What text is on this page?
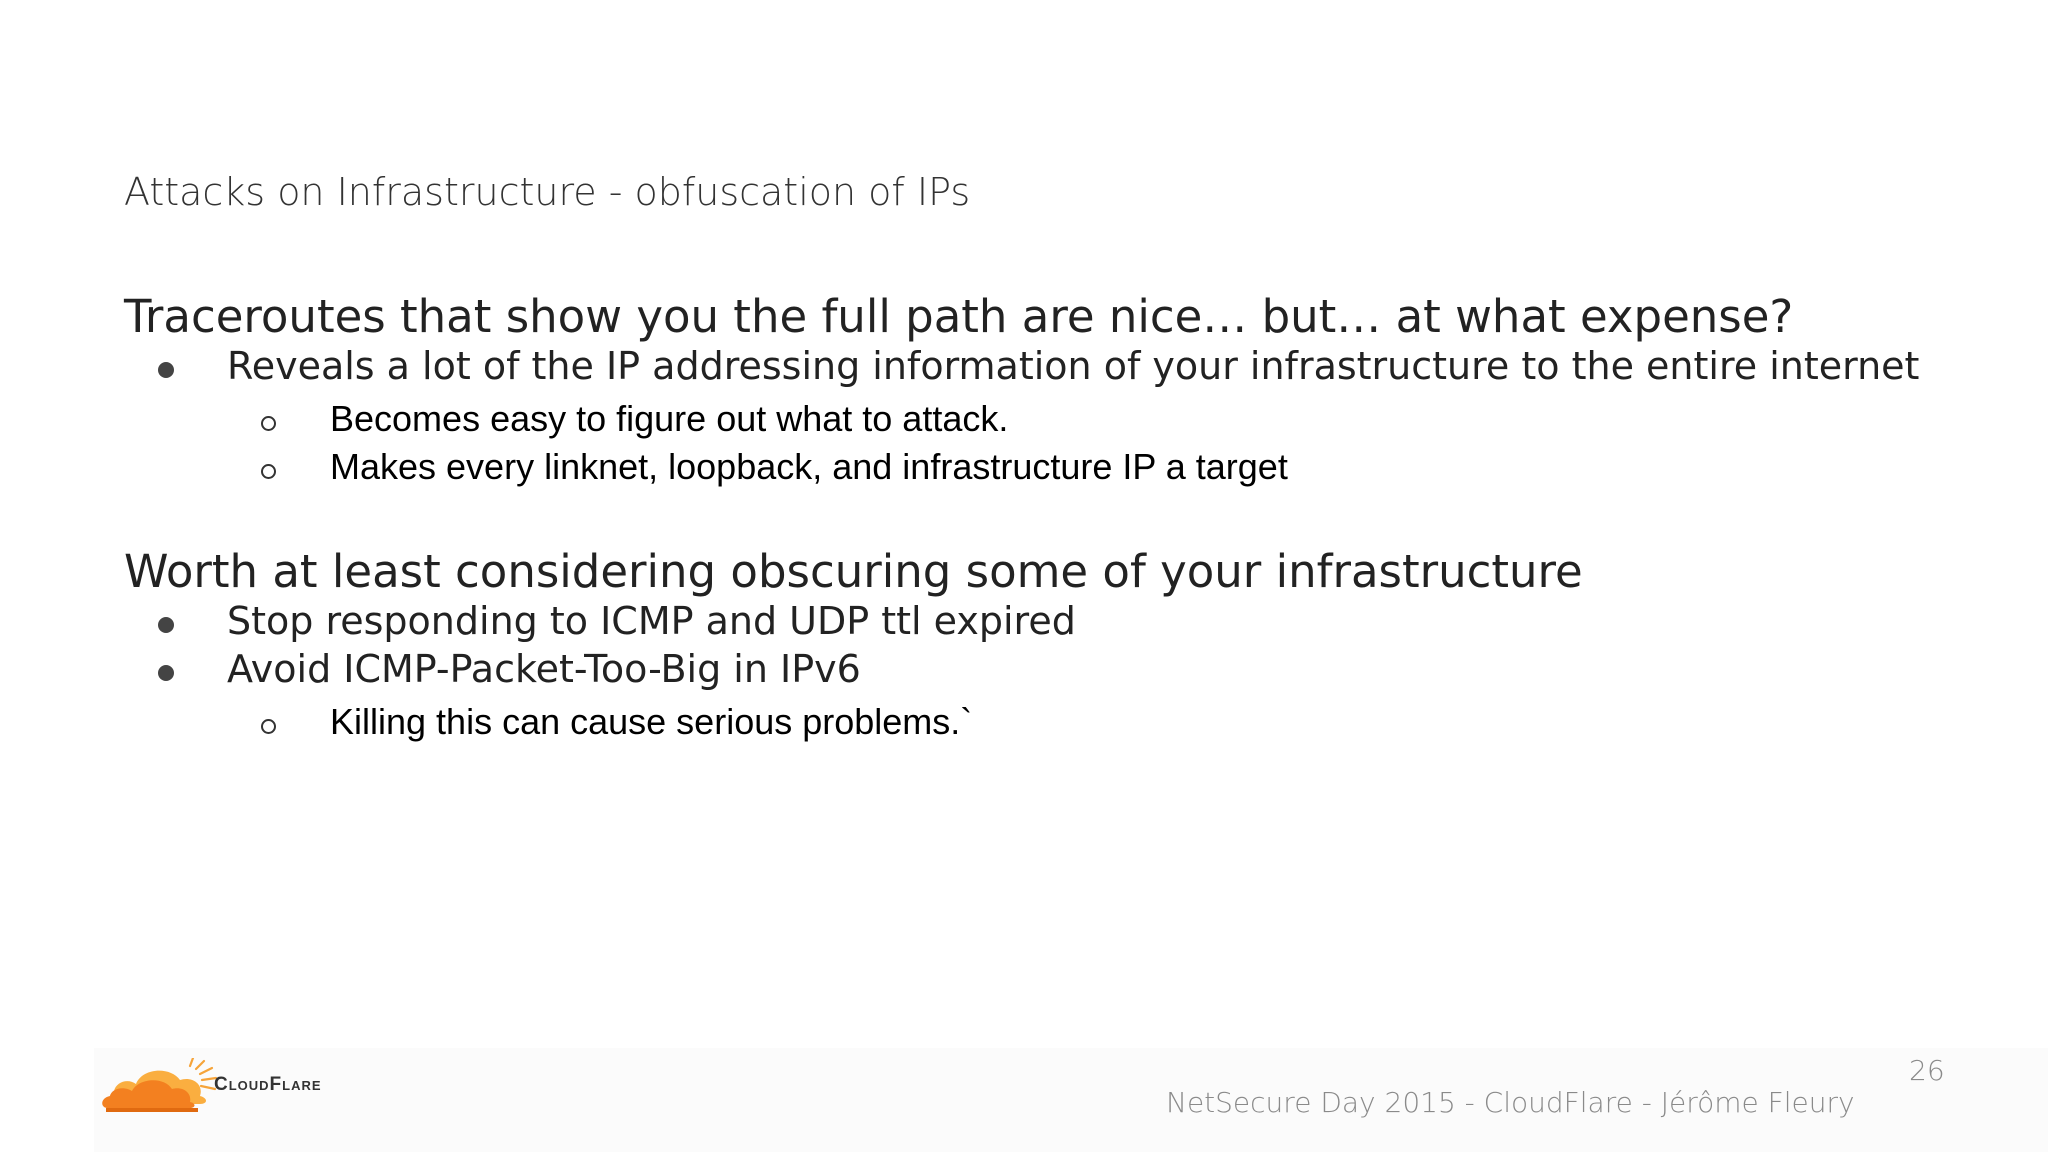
Attacks on Infrastructure - obfuscation of IPs
Traceroutes that show you the full path are nice… but… at what expense?
Reveals a lot of the IP addressing information of your infrastructure to the entire internet
Becomes easy to figure out what to attack.
Makes every linknet, loopback, and infrastructure IP a target
Worth at least considering obscuring some of your infrastructure
Stop responding to ICMP and UDP ttl expired
Avoid ICMP-Packet-Too-Big in IPv6
Killing this can cause serious problems.`
CloudFlare
NetSecure Day 2015 - CloudFlare - Jérôme Fleury
26
